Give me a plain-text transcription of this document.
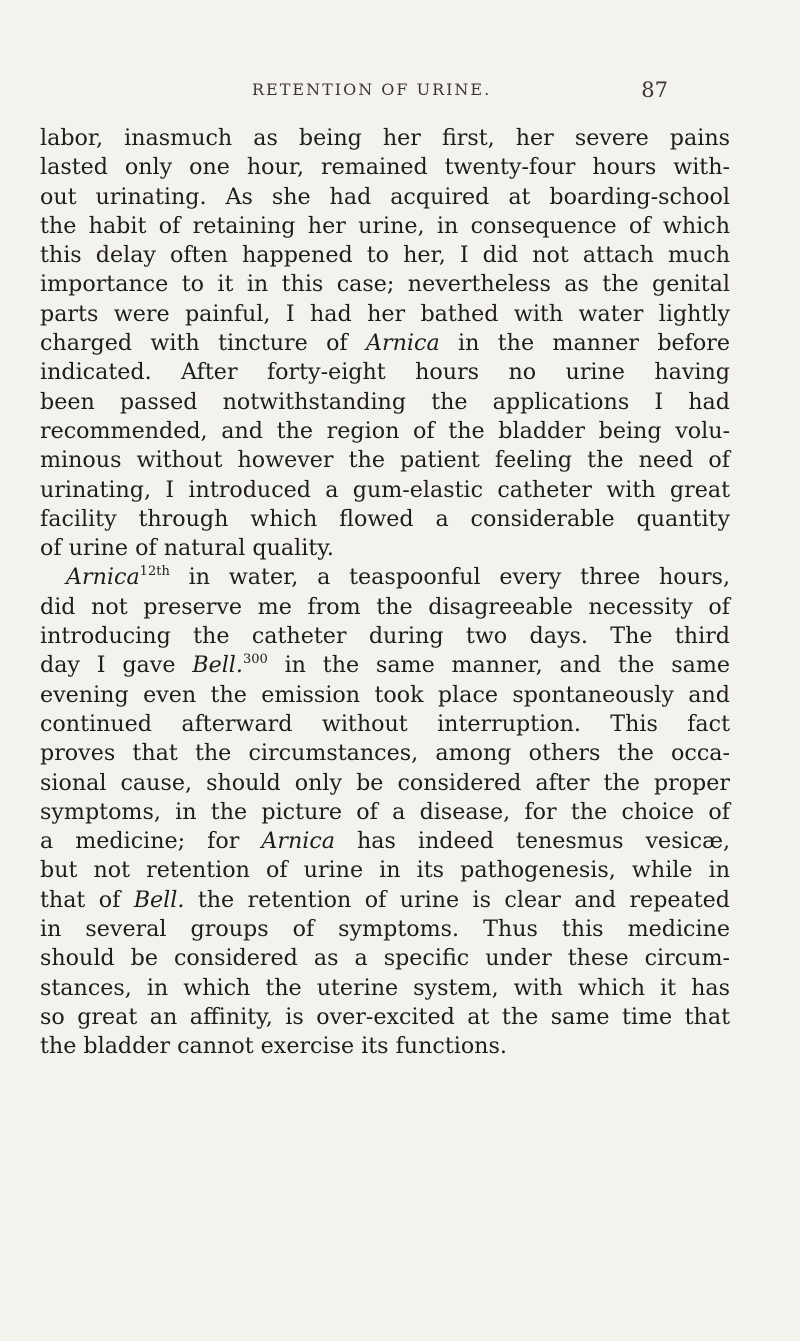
RETENTION OF URINE.	87
labor, inasmuch as being her first, her severe pains
lasted only one hour, remained twenty-four hours with-
out urinating. As she had acquired at boarding-school
the habit of retaining her urine, in consequence of which
this delay often happened to her, I did not attach much
importance to it in this case; nevertheless as the genital
parts were painful, I had her bathed with water lightly
charged with tincture of Arnica in the manner before
indicated. After forty-eight hours no urine having
been passed notwithstanding the applications I had
recommended, and the region of the bladder being volu-
minous without however the patient feeling the need of
urinating, I introduced a gum-elastic catheter with great
facility through which flowed a considerable quantity
of urine of natural quality.
Arnica$^{12th}$ in water, a teaspoonful every three hours,
did not preserve me from the disagreeable necessity of
introducing the catheter during two days. The third
day I gave Bell.$^{300}$ in the same manner, and the same
evening even the emission took place spontaneously and
continued afterward without interruption. This fact
proves that the circumstances, among others the occa-
sional cause, should only be considered after the proper
symptoms, in the picture of a disease, for the choice of
a medicine; for Arnica has indeed tenesmus vesicæ,
but not retention of urine in its pathogenesis, while in
that of Bell. the retention of urine is clear and repeated
in several groups of symptoms. Thus this medicine
should be considered as a specific under these circum-
stances, in which the uterine system, with which it has
so great an affinity, is over-excited at the same time that
the bladder cannot exercise its functions.
